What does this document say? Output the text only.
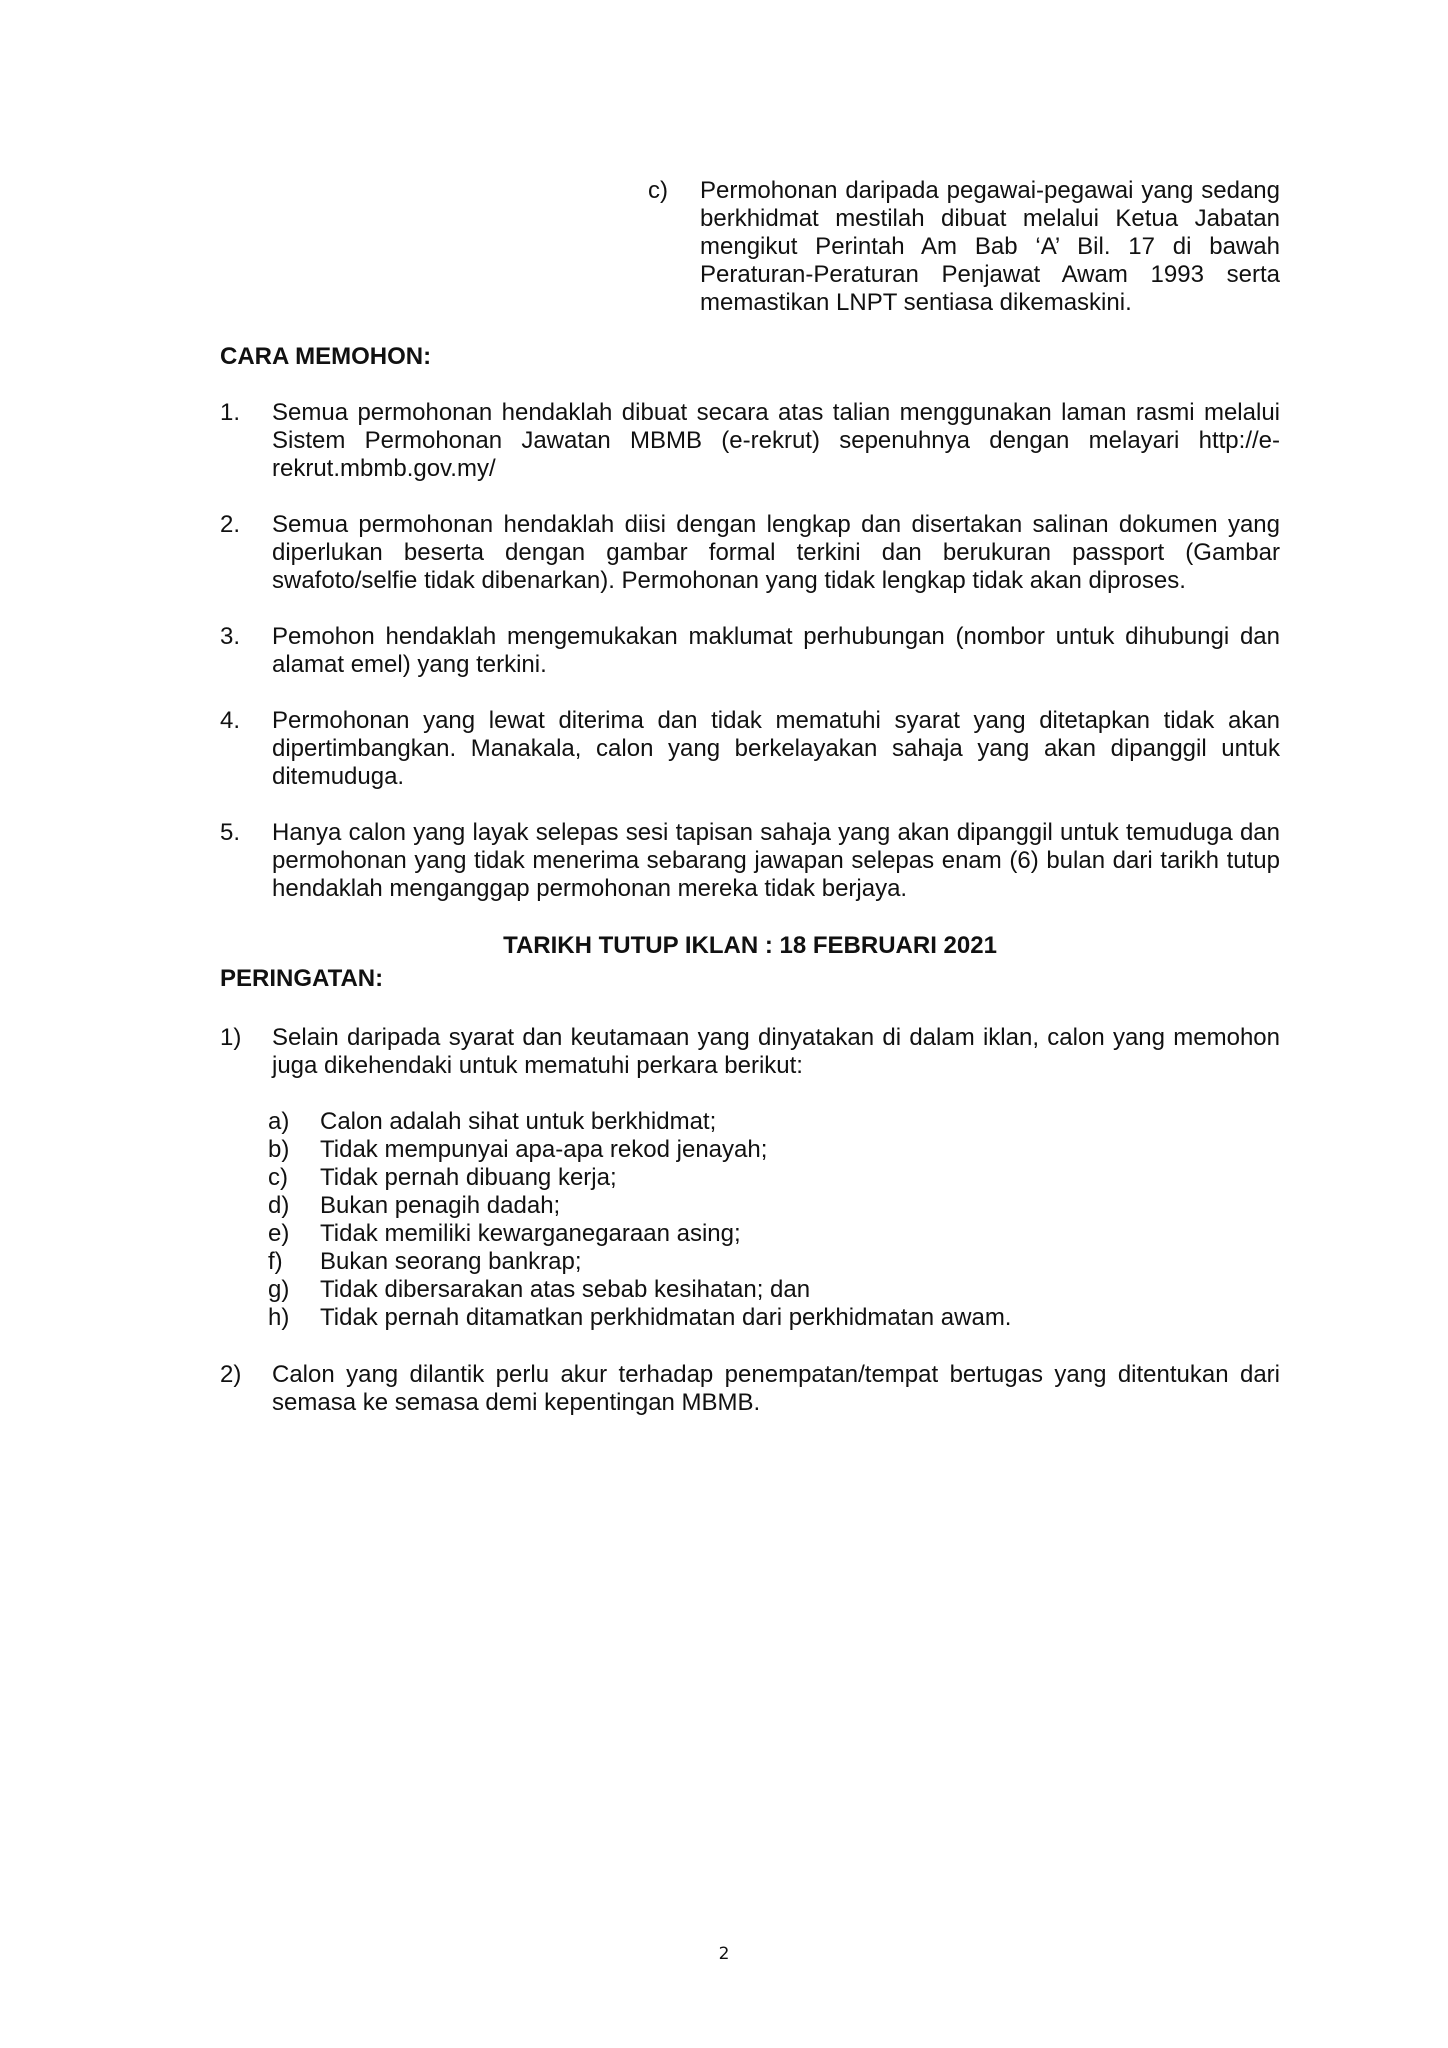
c) Permohonan daripada pegawai-pegawai yang sedang berkhidmat mestilah dibuat melalui Ketua Jabatan mengikut Perintah Am Bab ‘A’ Bil. 17 di bawah Peraturan-Peraturan Penjawat Awam 1993 serta memastikan LNPT sentiasa dikemaskini.
CARA MEMOHON:
1. Semua permohonan hendaklah dibuat secara atas talian menggunakan laman rasmi melalui Sistem Permohonan Jawatan MBMB (e-rekrut) sepenuhnya dengan melayari http://e-rekrut.mbmb.gov.my/
2. Semua permohonan hendaklah diisi dengan lengkap dan disertakan salinan dokumen yang diperlukan beserta dengan gambar formal terkini dan berukuran passport (Gambar swafoto/selfie tidak dibenarkan). Permohonan yang tidak lengkap tidak akan diproses.
3. Pemohon hendaklah mengemukakan maklumat perhubungan (nombor untuk dihubungi dan alamat emel) yang terkini.
4. Permohonan yang lewat diterima dan tidak mematuhi syarat yang ditetapkan tidak akan dipertimbangkan. Manakala, calon yang berkelayakan sahaja yang akan dipanggil untuk ditemuduga.
5. Hanya calon yang layak selepas sesi tapisan sahaja yang akan dipanggil untuk temuduga dan permohonan yang tidak menerima sebarang jawapan selepas enam (6) bulan dari tarikh tutup hendaklah menganggap permohonan mereka tidak berjaya.
TARIKH TUTUP IKLAN : 18 FEBRUARI 2021
PERINGATAN:
1) Selain daripada syarat dan keutamaan yang dinyatakan di dalam iklan, calon yang memohon juga dikehendaki untuk mematuhi perkara berikut:
a) Calon adalah sihat untuk berkhidmat;
b) Tidak mempunyai apa-apa rekod jenayah;
c) Tidak pernah dibuang kerja;
d) Bukan penagih dadah;
e) Tidak memiliki kewarganegaraan asing;
f) Bukan seorang bankrap;
g) Tidak dibersarakan atas sebab kesihatan; dan
h) Tidak pernah ditamatkan perkhidmatan dari perkhidmatan awam.
2) Calon yang dilantik perlu akur terhadap penempatan/tempat bertugas yang ditentukan dari semasa ke semasa demi kepentingan MBMB.
2
